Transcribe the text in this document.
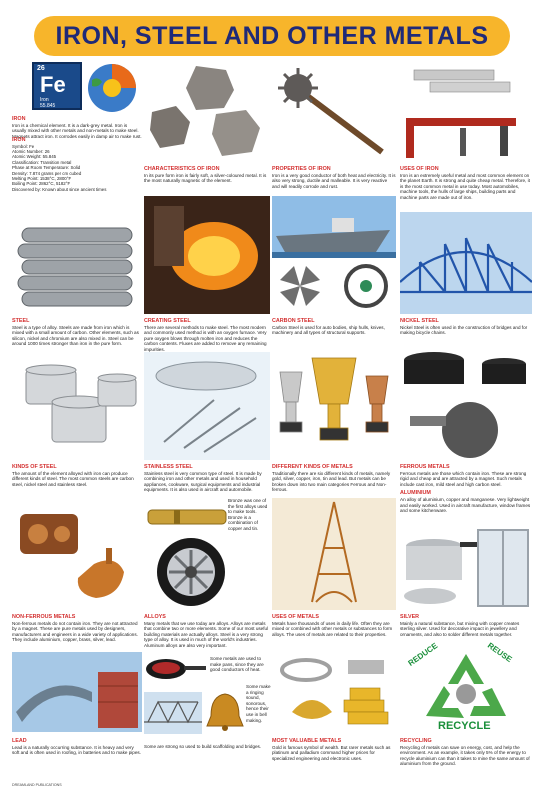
IRON, STEEL AND OTHER METALS
26
Fe
Iron
55.845
IRON
Iron is a chemical element. It is a dark-grey metal. Iron is usually mixed with other metals and non-metals to make steel. Magnets attract iron. It corrodes easily in damp air to make rust.
IRON
Symbol: Fe
Atomic Number: 26
Atomic Weight: 55.845
Classification: Transition metal
Phase at Room Temperature: Solid
Density: 7.874 grams per cm cubed
Melting Point: 1538°C, 2800°F
Boiling Point: 2862°C, 5182°F
Discovered by: Known about since ancient times
CHARACTERISTICS OF IRON
In its pure form iron is fairly soft, a silver-coloured metal. It is the most naturally magnetic of the element.
PROPERTIES OF IRON
Iron is a very good conductor of both heat and electricity. It is also very strong, ductile and malleable. It is very reactive and will readily corrode and rust.
USES OF IRON
Iron is an extremely useful metal and most common element on the planet Earth. It is strong and quite cheap metal. Therefore, it is the most common metal in use today. Most automobiles, machine tools, the hulls of large ships, building parts and machine parts are made out of iron.
STEEL
Steel is a type of alloy. Steels are made from iron which is mixed with a small amount of carbon. Other elements, such as silicon, nickel and chromium are also mixed in. Steel can be around 1000 times stronger than iron in the pure form.
CREATING STEEL
There are several methods to make steel. The most modern and commonly used method is with an oxygen furnace. Very pure oxygen blows through molten iron and reduces the carbon contents. Fluxes are added to remove any remaining impurities.
CARBON STEEL
Carbon Steel is used for auto bodies, ship hulls, knives, machinery and all types of structural supports.
NICKEL STEEL
Nickel Steel is often used in the construction of bridges and for making bicycle chains.
KINDS OF STEEL
The amount of the element alloyed with iron can produce different kinds of steel. The most common steels are carbon steel, nickel steel and stainless steel.
STAINLESS STEEL
Stainless steel is very common type of steel. It is made by combining iron and other metals and used in household appliances, cookware, surgical equipments and industrial equipments. It is also used in aircraft and automobile.
DIFFERENT KINDS OF METALS
Traditionally there are six different kinds of metals, namely gold, silver, copper, iron, tin and lead. But metals can be broken down into two main categories Ferrous and Non-ferrous.
FERROUS METALS
Ferrous metals are those which contain iron. These are strong rigid and cheap and are attracted by a magnet. Such metals include cast iron, mild steel and high carbon steel.
ALUMINIUM
An alloy of aluminium, copper and manganese. Very lightweight and easily worked. Used in aircraft manufacture, window frames and some kitchenware.
Bronze was one of the first alloys used to make tools. Bronze is a combination of copper and tin.
NON-FERROUS METALS
Non-ferrous metals do not contain iron. They are not attracted by a magnet. These are pure metals used by designers, manufacturers and engineers in a wide variety of applications. They include aluminium, copper, brass, silver, lead.
ALLOYS
Many metals that we use today are alloys. Alloys are metals that combine two or more elements. Some of our most useful building materials are actually alloys. Steel is a very strong type of alloy. It is used in much of the world's industries. Aluminum alloys are also very important.
USES OF METALS
Metals have thousands of uses in daily life. Often they are mixed or combined with other metals or substances to form alloys. The uses of metals are related to their properties.
SILVER
Mainly a natural substance, but mixing with copper creates sterling silver. Used for decorative impact in jewellery and ornaments, and also to solder different metals together.
Some metals are used to make pans, since they are good conductors of heat.
Some make a ringing sound, sonorous, hence their use in bell making.
REDUCE	REUSE
RECYCLE
LEAD
Lead is a naturally occurring substance. It is heavy and very soft and is often used in roofing, in batteries and to make pipes.
Some are strong so used to build scaffolding and bridges.
MOST VALUABLE METALS
Gold is famous symbol of wealth. But rarer metals such as platinum and palladium command higher prices for specialized engineering and electronic uses.
RECYCLING
Recycling of metals can save on energy, cost, and help the environment. As an example, it takes only 5% of the energy to recycle aluminium can than it takes to mine the same amount of aluminium from the ground.
DREAMLAND PUBLICATIONS
